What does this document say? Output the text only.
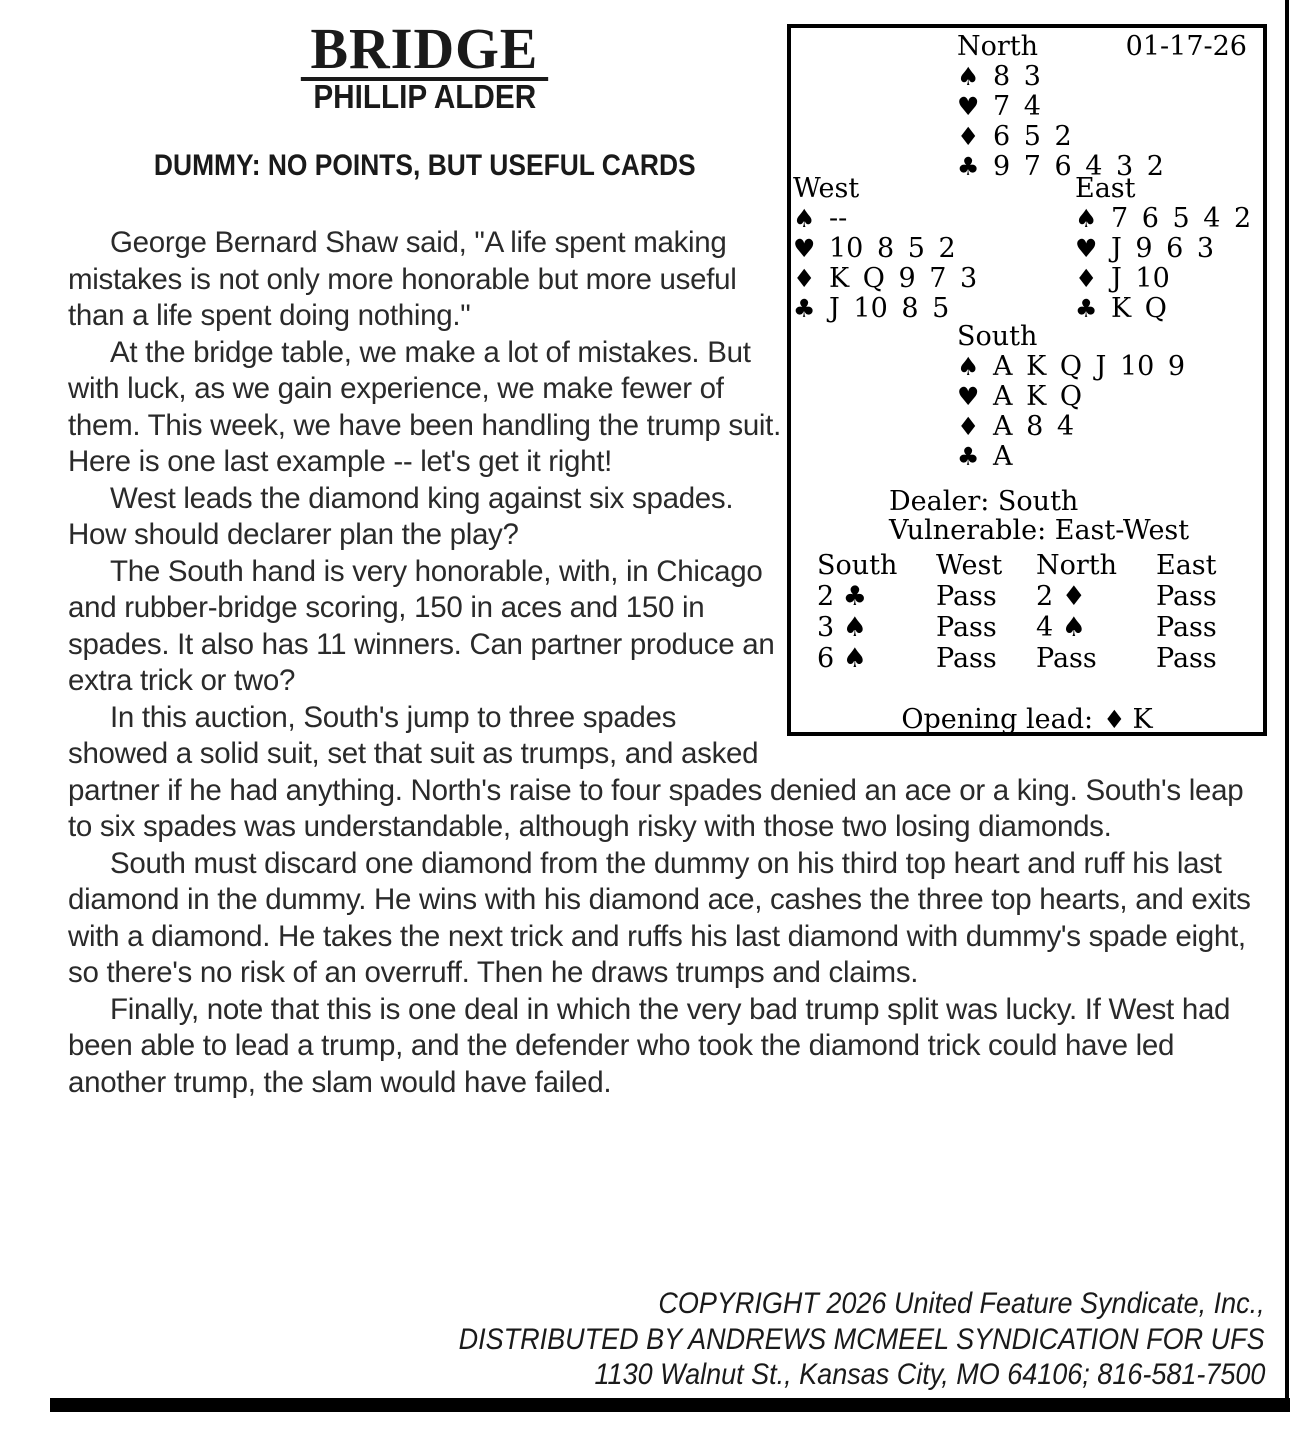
01-17-26
North
♠ 8 3
♥ 7 4
♦ 6 5 2
♣ 9 7 6 4 3 2
West
♠ --
♥ 10 8 5 2
♦ K Q 9 7 3
♣ J 10 8 5
East
♠ 7 6 5 4 2
♥ J 9 6 3
♦ J 10
♣ K Q
South
♠ A K Q J 10 9
♥ A K Q
♦ A 8 4
♣ A
Dealer: South
Vulnerable: East-West
South	West	North	East
2 ♣	Pass	2 ♦	Pass
3 ♠	Pass	4 ♠	Pass
6 ♠	Pass	Pass	Pass
Opening lead: ♦ K
BRIDGE
PHILLIP ALDER
DUMMY: NO POINTS, BUT USEFUL CARDS

George Bernard Shaw said, "A life spent making mistakes is not only more honorable but more useful than a life spent doing nothing."

At the bridge table, we make a lot of mistakes. But with luck, as we gain experience, we make fewer of them. This week, we have been handling the trump suit. Here is one last example -- let's get it right!

West leads the diamond king against six spades. How should declarer plan the play?

The South hand is very honorable, with, in Chicago and rubber-bridge scoring, 150 in aces and 150 in spades. It also has 11 winners. Can partner produce an extra trick or two?

In this auction, South's jump to three spades showed a solid suit, set that suit as trumps, and asked partner if he had anything. North's raise to four spades denied an ace or a king. South's leap to six spades was understandable, although risky with those two losing diamonds.

South must discard one diamond from the dummy on his third top heart and ruff his last diamond in the dummy. He wins with his diamond ace, cashes the three top hearts, and exits with a diamond. He takes the next trick and ruffs his last diamond with dummy's spade eight, so there's no risk of an overruff. Then he draws trumps and claims.

Finally, note that this is one deal in which the very bad trump split was lucky. If West had been able to lead a trump, and the defender who took the diamond trick could have led another trump, the slam would have failed.

COPYRIGHT 2026 United Feature Syndicate, Inc.,
DISTRIBUTED BY ANDREWS MCMEEL SYNDICATION FOR UFS
1130 Walnut St., Kansas City, MO 64106; 816-581-7500
